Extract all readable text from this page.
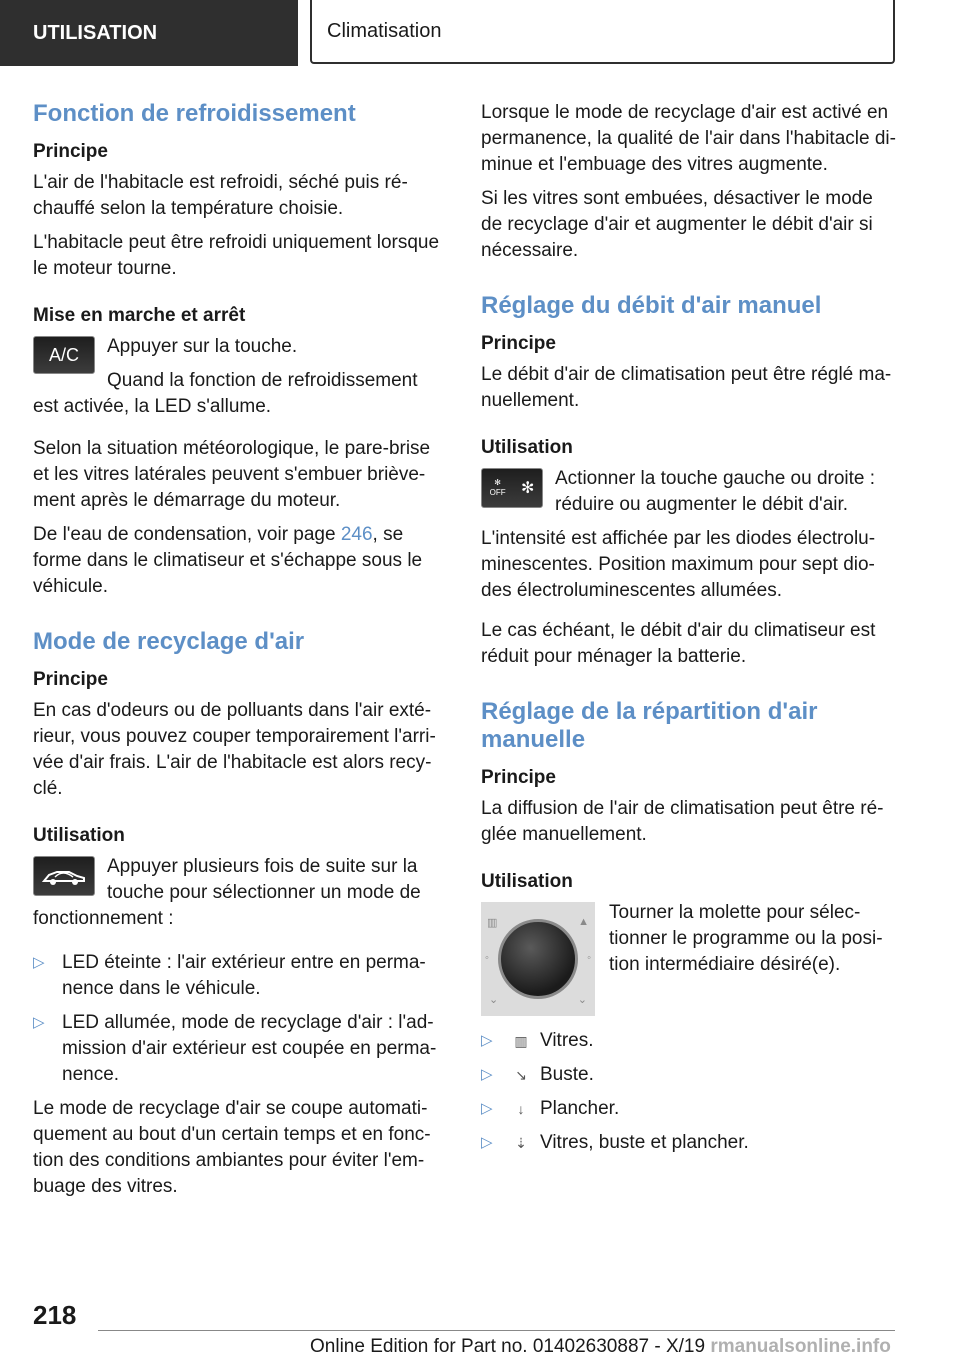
UTILISATION	Climatisation
Fonction de refroidissement
Principe

L'air de l'habitacle est refroidi, séché puis ré- chauffé selon la température choisie.

L'habitacle peut être refroidi uniquement lorsque le moteur tourne.

Mise en marche et arrêt
A/C	Appuyer sur la touche.

Quand la fonction de refroidissement est activée, la LED s'allume.

Selon la situation météorologique, le pare-brise et les vitres latérales peuvent s'embuer briève- ment après le démarrage du moteur.

De l'eau de condensation, voir page 246, se forme dans le climatiseur et s'échappe sous le véhicule.

Mode de recyclage d'air
Principe

En cas d'odeurs ou de polluants dans l'air exté- rieur, vous pouvez couper temporairement l'arri- vée d'air frais. L'air de l'habitacle est alors recy- clé.

Utilisation

Appuyer plusieurs fois de suite sur la touche pour sélectionner un mode de fonctionnement :

▷ LED éteinte : l'air extérieur entre en perma- nence dans le véhicule.
▷ LED allumée, mode de recyclage d'air : l'ad- mission d'air extérieur est coupée en perma- nence.

Le mode de recyclage d'air se coupe automati- quement au bout d'un certain temps et en fonc- tion des conditions ambiantes pour éviter l'em- buage des vitres.

Lorsque le mode de recyclage d'air est activé en permanence, la qualité de l'air dans l'habitacle di- minue et l'embuage des vitres augmente.

Si les vitres sont embuées, désactiver le mode de recyclage d'air et augmenter le débit d'air si nécessaire.

Réglage du débit d'air manuel
Principe

Le débit d'air de climatisation peut être réglé ma- nuellement.

Utilisation
✻
OFF ✻	Actionner la touche gauche ou droite : réduire ou augmenter le débit d'air.

L'intensité est affichée par les diodes électrolu- minescentes. Position maximum pour sept dio- des électroluminescentes allumées.

Le cas échéant, le débit d'air du climatiseur est réduit pour ménager la batterie.

Réglage de la répartition d'air manuelle
Principe

La diffusion de l'air de climatisation peut être ré- glée manuellement.

Utilisation
▥	▲
◦	◦
⌄	⌄

Tourner la molette pour sélec- tionner le programme ou la posi- tion intermédiaire désiré(e).

▷ ▥ Vitres.
▷ ↘ Buste.
▷ ↓ Plancher.
▷ ⇣ Vitres, buste et plancher.
218
Online Edition for Part no. 01402630887 - X/19 rmanualsonline.info
